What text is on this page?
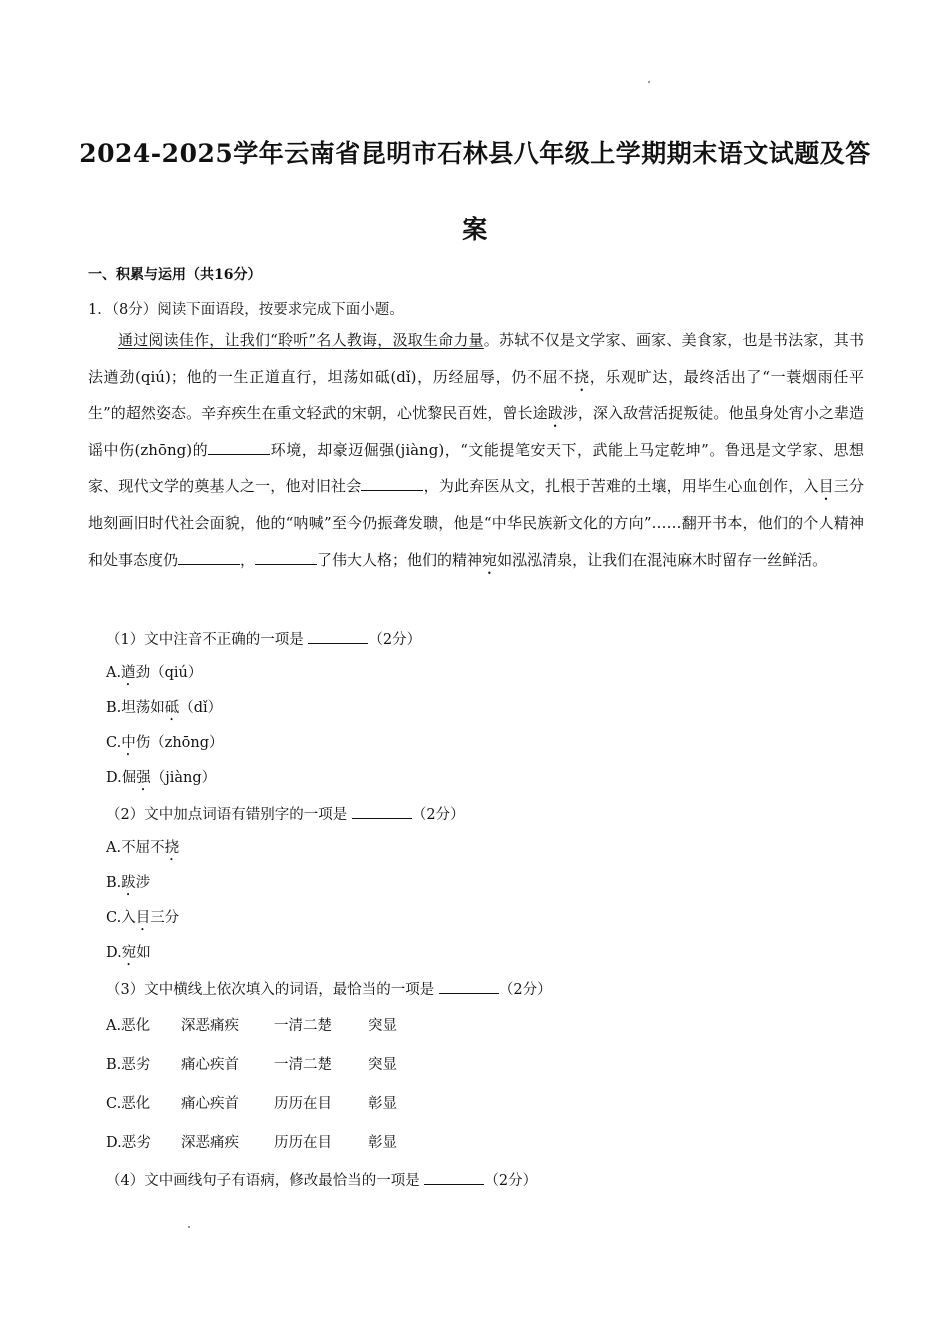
2024-2025学年云南省昆明市石林县八年级上学期期末语文试题及答
案
一、积累与运用（共16分）
1．（8分）阅读下面语段，按要求完成下面小题。

通过阅读佳作，让我们“聆听”名人教诲，汲取生命力量。苏轼不仅是文学家、画家、美食家，也是书法家，其书法遒劲(qiú)；他的一生正道直行，坦荡如砥(dǐ)，历经屈辱，仍不屈不挠，乐观旷达，最终活出了“一蓑烟雨任平生”的超然姿态。辛弃疾生在重文轻武的宋朝，心忧黎民百姓，曾长途跋涉，深入敌营活捉叛徒。他虽身处宵小之辈造谣中伤(zhōng)的	环境，却豪迈倔强(jiàng)，“文能提笔安天下，武能上马定乾坤”。鲁迅是文学家、思想家、现代文学的奠基人之一，他对旧社会	，为此弃医从文，扎根于苦难的土壤，用毕生心血创作，入目三分地刻画旧时代社会面貌，他的“呐喊”至今仍振聋发聩，他是“中华民族新文化的方向”……翻开书本，他们的个人精神和处事态度仍	，	了伟大人格；他们的精神宛如泓泓清泉，让我们在混沌麻木时留存一丝鲜活。

（1）文中注音不正确的一项是	（2分）
A.遒劲（qiú）
B.坦荡如砥（dǐ）
C.中伤（zhōng）
D.倔强（jiàng）
（2）文中加点词语有错别字的一项是	（2分）
A.不屈不挠
B.跋涉
C.入目三分
D.宛如
（3）文中横线上依次填入的词语，最恰当的一项是	（2分）
A.恶化 深恶痛疾 一清二楚 突显
B.恶劣 痛心疾首 一清二楚 突显
C.恶化 痛心疾首 历历在目 彰显
D.恶劣 深恶痛疾 历历在目 彰显
（4）文中画线句子有语病，修改最恰当的一项是	（2分）
